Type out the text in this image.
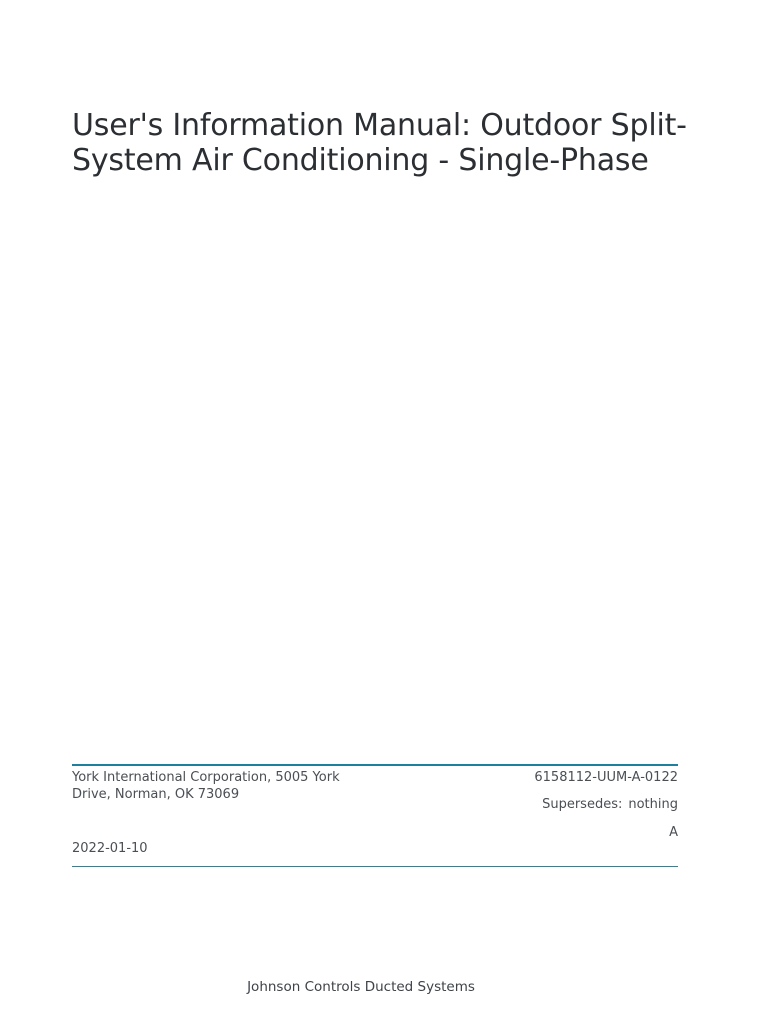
User's Information Manual: Outdoor Split-
System Air Conditioning - Single-Phase
York International Corporation, 5005 York
Drive, Norman, OK 73069
2022-01-10
6158112-UUM-A-0122
Supersedes: nothing
A
Johnson Controls Ducted Systems
